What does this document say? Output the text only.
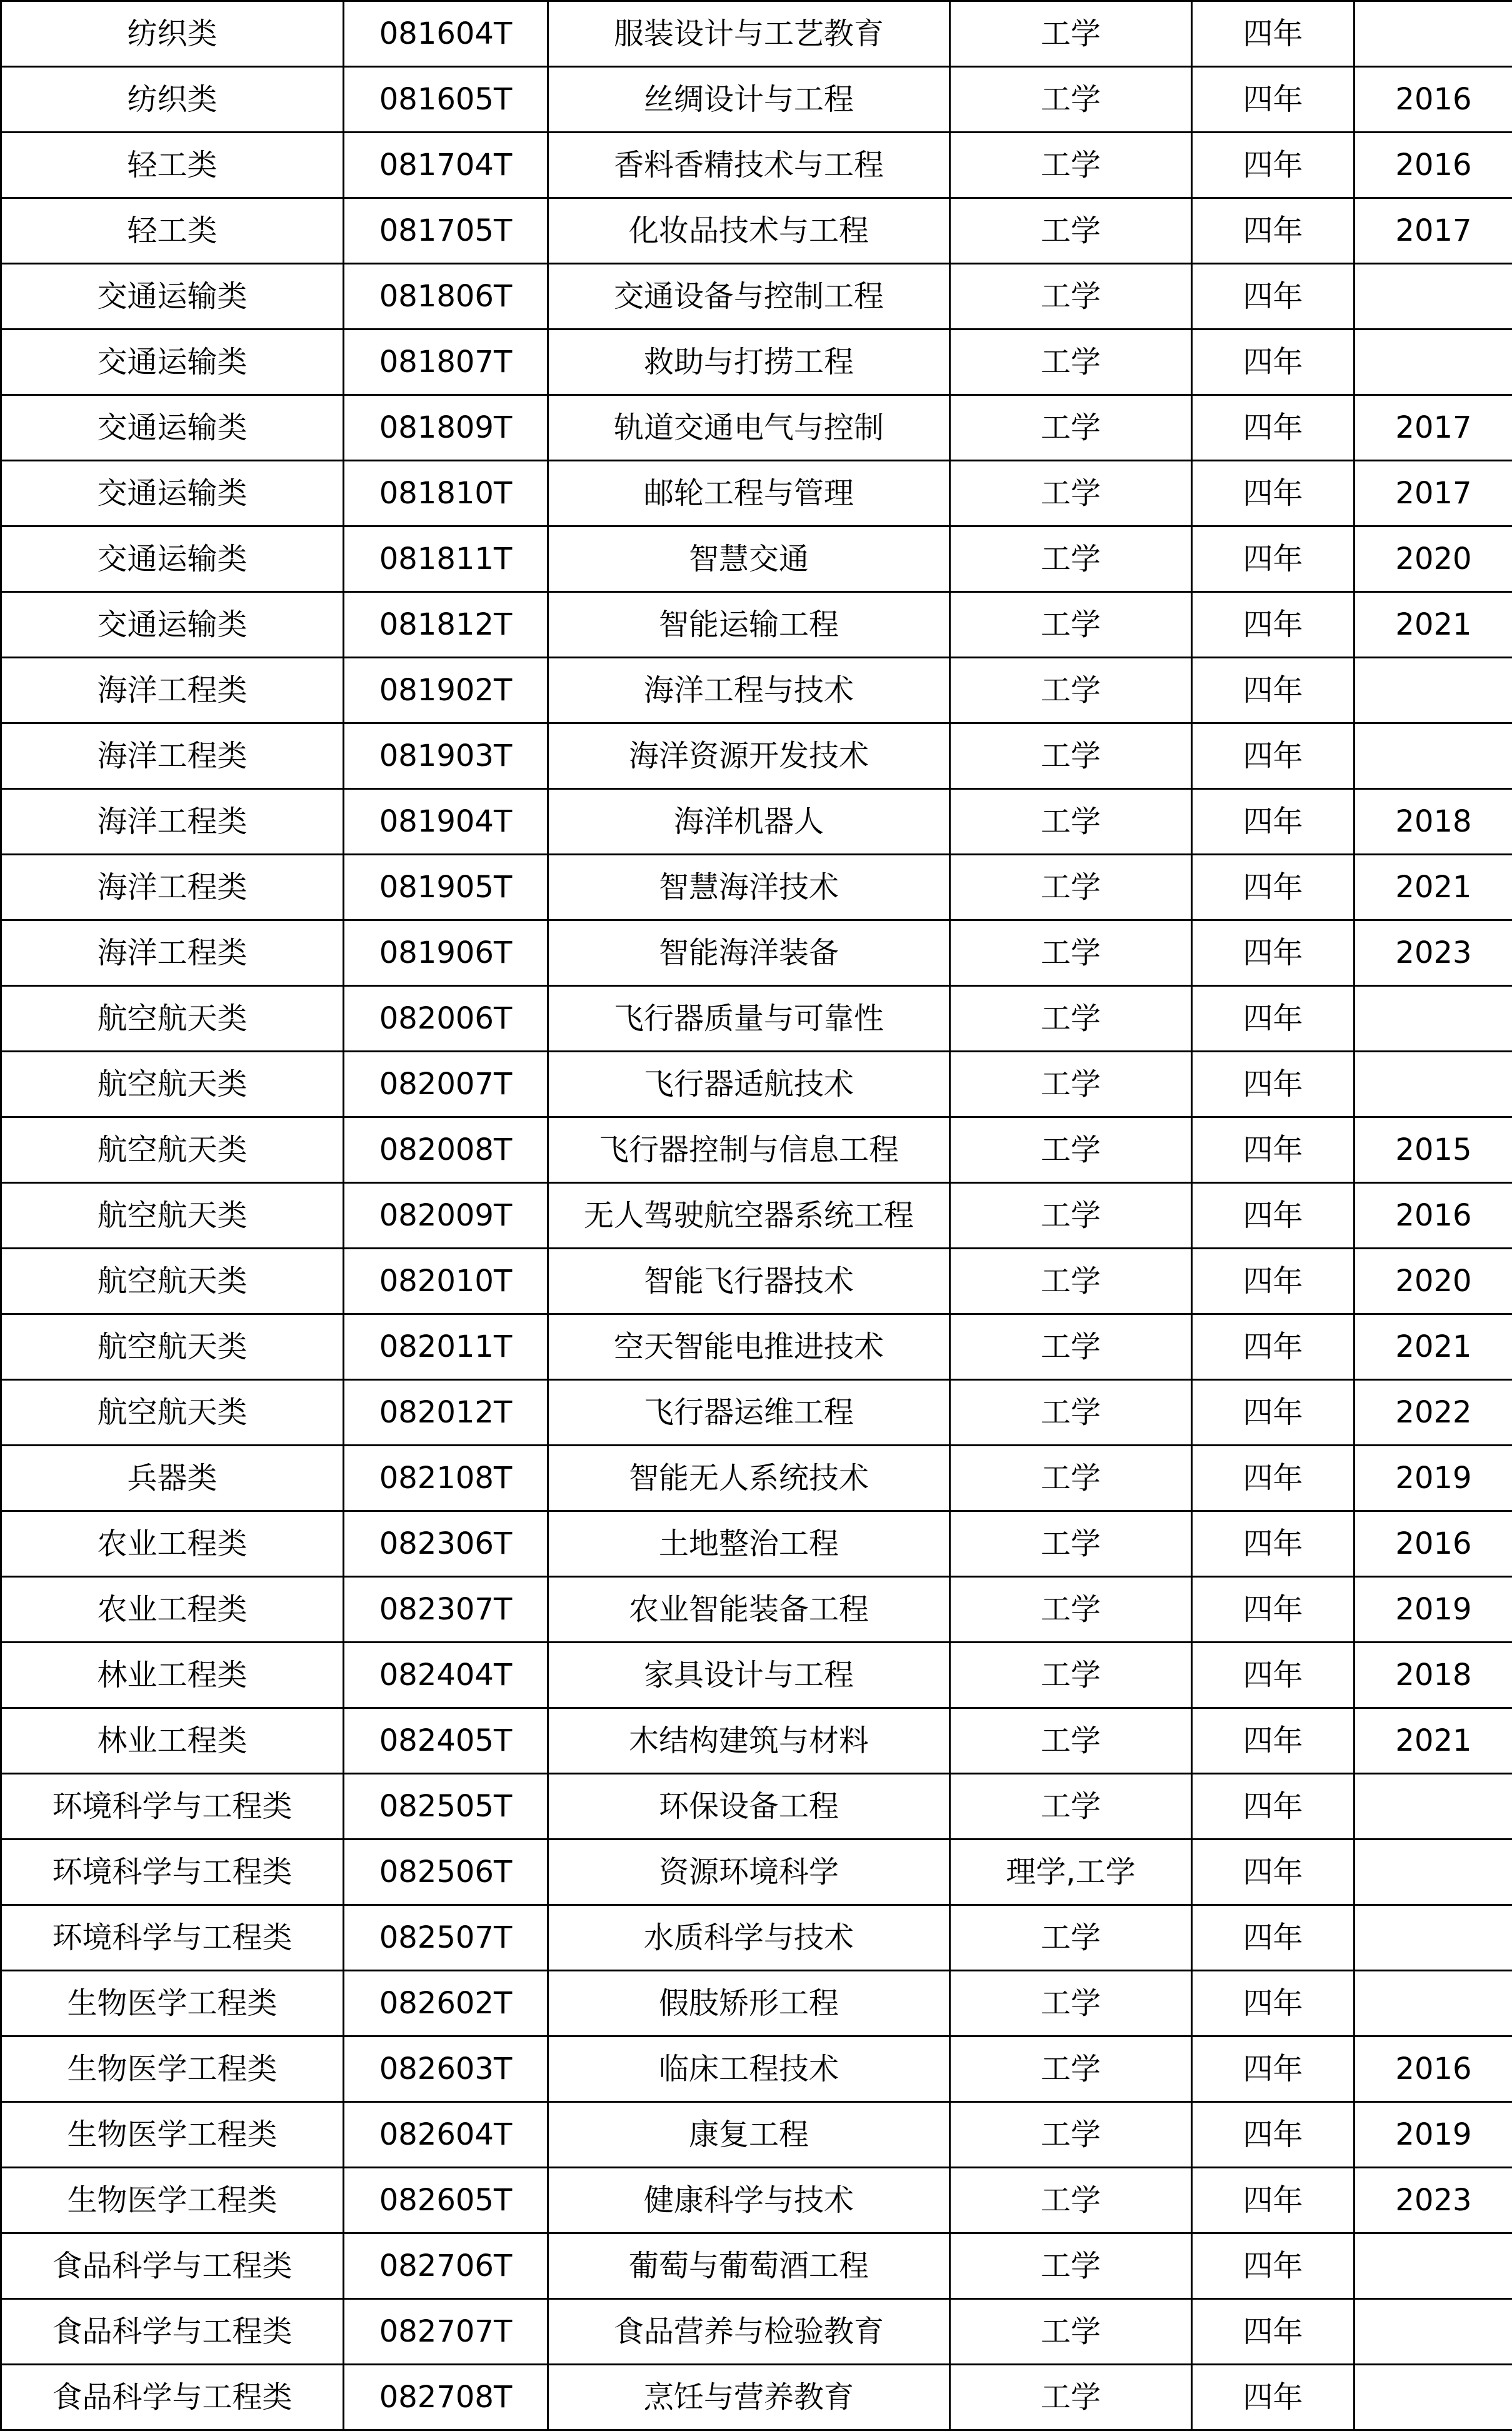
纺织类	081604T	服装设计与工艺教育	工学	四年	
纺织类	081605T	丝绸设计与工程	工学	四年	2016
轻工类	081704T	香料香精技术与工程	工学	四年	2016
轻工类	081705T	化妆品技术与工程	工学	四年	2017
交通运输类	081806T	交通设备与控制工程	工学	四年	
交通运输类	081807T	救助与打捞工程	工学	四年	
交通运输类	081809T	轨道交通电气与控制	工学	四年	2017
交通运输类	081810T	邮轮工程与管理	工学	四年	2017
交通运输类	081811T	智慧交通	工学	四年	2020
交通运输类	081812T	智能运输工程	工学	四年	2021
海洋工程类	081902T	海洋工程与技术	工学	四年	
海洋工程类	081903T	海洋资源开发技术	工学	四年	
海洋工程类	081904T	海洋机器人	工学	四年	2018
海洋工程类	081905T	智慧海洋技术	工学	四年	2021
海洋工程类	081906T	智能海洋装备	工学	四年	2023
航空航天类	082006T	飞行器质量与可靠性	工学	四年	
航空航天类	082007T	飞行器适航技术	工学	四年	
航空航天类	082008T	飞行器控制与信息工程	工学	四年	2015
航空航天类	082009T	无人驾驶航空器系统工程	工学	四年	2016
航空航天类	082010T	智能飞行器技术	工学	四年	2020
航空航天类	082011T	空天智能电推进技术	工学	四年	2021
航空航天类	082012T	飞行器运维工程	工学	四年	2022
兵器类	082108T	智能无人系统技术	工学	四年	2019
农业工程类	082306T	土地整治工程	工学	四年	2016
农业工程类	082307T	农业智能装备工程	工学	四年	2019
林业工程类	082404T	家具设计与工程	工学	四年	2018
林业工程类	082405T	木结构建筑与材料	工学	四年	2021
环境科学与工程类	082505T	环保设备工程	工学	四年	
环境科学与工程类	082506T	资源环境科学	理学,工学	四年	
环境科学与工程类	082507T	水质科学与技术	工学	四年	
生物医学工程类	082602T	假肢矫形工程	工学	四年	
生物医学工程类	082603T	临床工程技术	工学	四年	2016
生物医学工程类	082604T	康复工程	工学	四年	2019
生物医学工程类	082605T	健康科学与技术	工学	四年	2023
食品科学与工程类	082706T	葡萄与葡萄酒工程	工学	四年	
食品科学与工程类	082707T	食品营养与检验教育	工学	四年	
食品科学与工程类	082708T	烹饪与营养教育	工学	四年	
